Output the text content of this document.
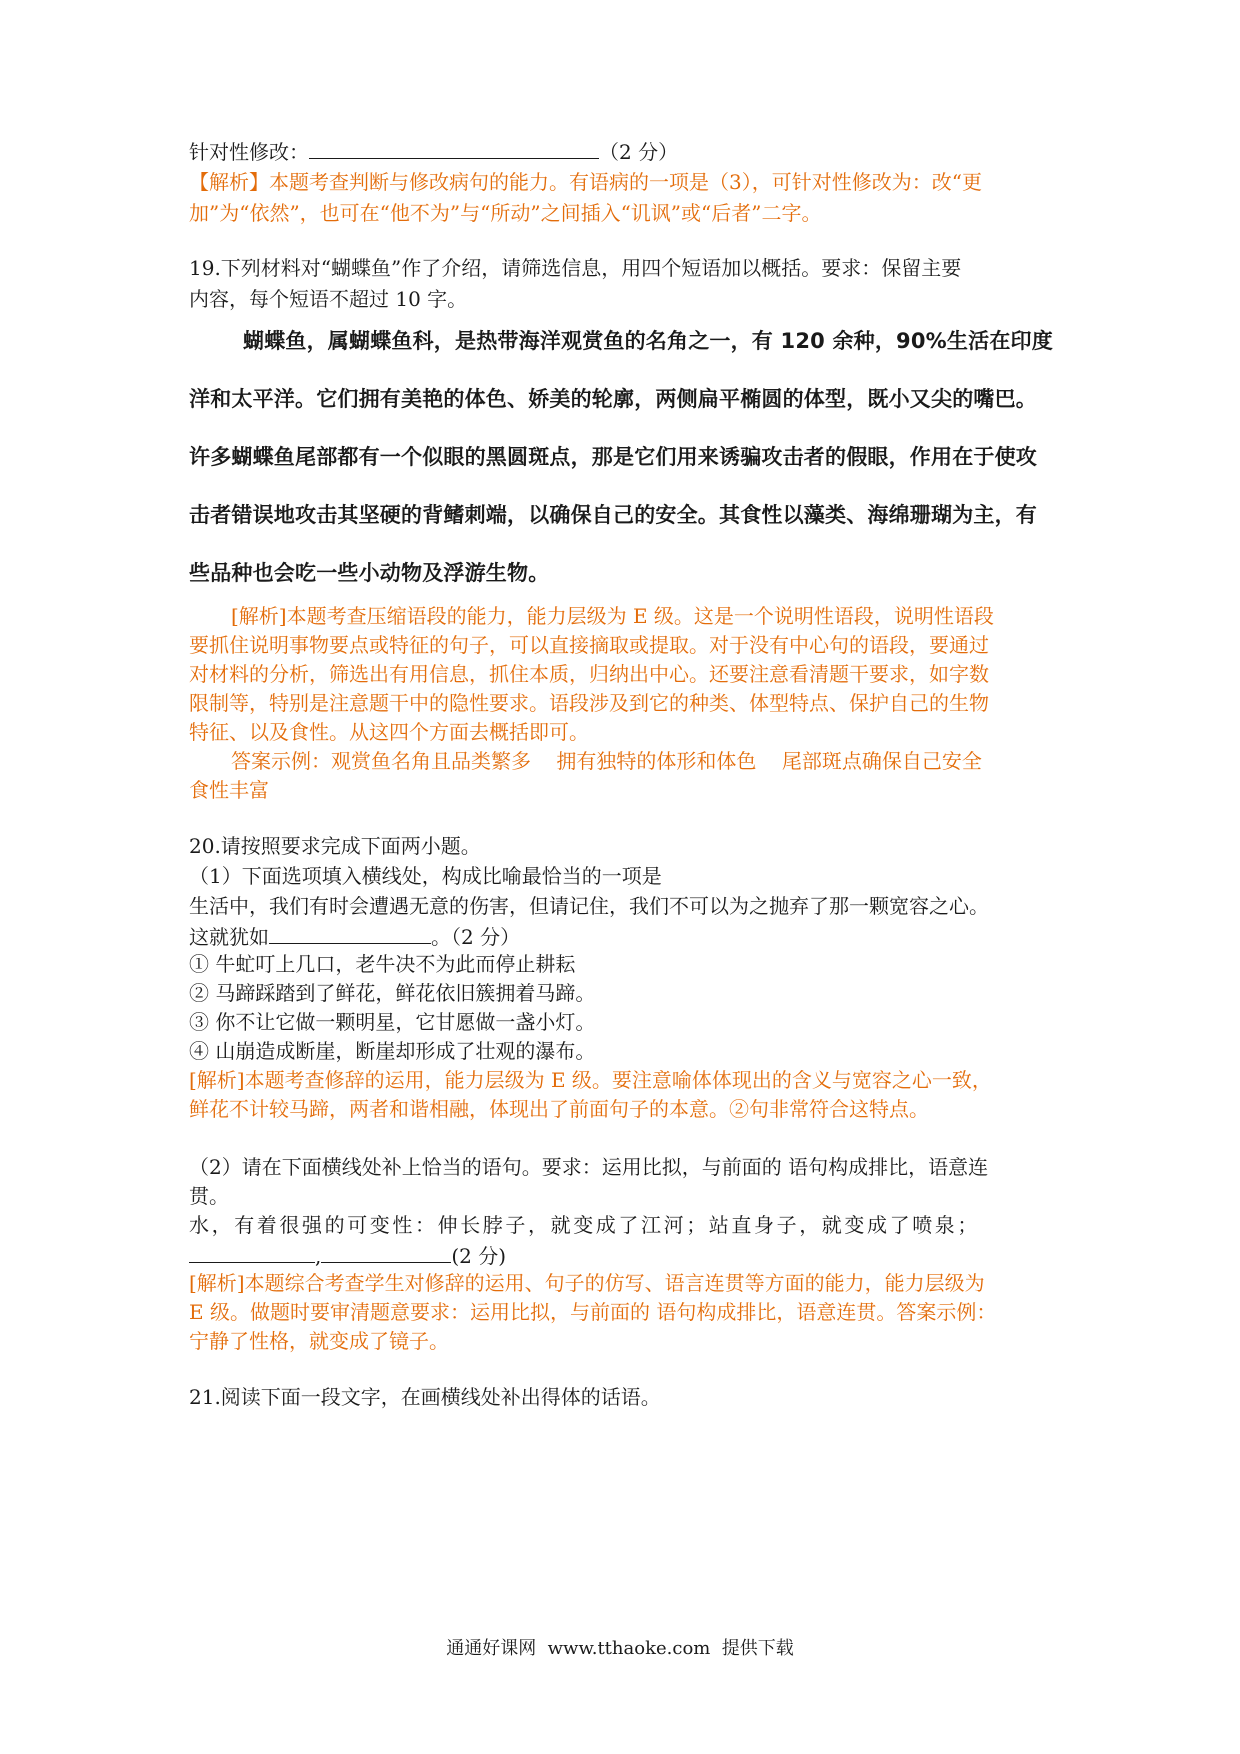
针对性修改：	（2 分）
【解析】本题考查判断与修改病句的能力。有语病的一项是（3），可针对性修改为：改“更
加”为“依然”，也可在“他不为”与“所动”之间插入“讥讽”或“后者”二字。
19.下列材料对“蝴蝶鱼”作了介绍，请筛选信息，用四个短语加以概括。要求：保留主要
内容，每个短语不超过 10 字。
蝴蝶鱼，属蝴蝶鱼科，是热带海洋观赏鱼的名角之一，有 120 余种，90%生活在印度
洋和太平洋。它们拥有美艳的体色、娇美的轮廓，两侧扁平椭圆的体型，既小又尖的嘴巴。
许多蝴蝶鱼尾部都有一个似眼的黑圆斑点，那是它们用来诱骗攻击者的假眼，作用在于使攻
击者错误地攻击其坚硬的背鳍刺端，以确保自己的安全。其食性以藻类、海绵珊瑚为主，有
些品种也会吃一些小动物及浮游生物。
[解析]本题考查压缩语段的能力，能力层级为 E 级。这是一个说明性语段，说明性语段
要抓住说明事物要点或特征的句子，可以直接摘取或提取。对于没有中心句的语段，要通过
对材料的分析，筛选出有用信息，抓住本质，归纳出中心。还要注意看清题干要求，如字数
限制等，特别是注意题干中的隐性要求。语段涉及到它的种类、体型特点、保护自己的生物
特征、以及食性。从这四个方面去概括即可。
答案示例：观赏鱼名角且品类繁多    拥有独特的体形和体色    尾部斑点确保自己安全
食性丰富
20.请按照要求完成下面两小题。
（1）下面选项填入横线处，构成比喻最恰当的一项是
生活中，我们有时会遭遇无意的伤害，但请记住，我们不可以为之抛弃了那一颗宽容之心。
这就犹如	。（2 分）
① 牛虻叮上几口，老牛决不为此而停止耕耘
② 马蹄踩踏到了鲜花，鲜花依旧簇拥着马蹄。
③ 你不让它做一颗明星，它甘愿做一盏小灯。
④ 山崩造成断崖，断崖却形成了壮观的瀑布。
[解析]本题考查修辞的运用，能力层级为 E 级。要注意喻体体现出的含义与宽容之心一致，
鲜花不计较马蹄，两者和谐相融，体现出了前面句子的本意。②句非常符合这特点。
（2）请在下面横线处补上恰当的语句。要求：运用比拟，与前面的 语句构成排比，语意连
贯。
水，有着很强的可变性：伸长脖子，就变成了江河；站直身子，就变成了喷泉；
,	(2 分)
[解析]本题综合考查学生对修辞的运用、句子的仿写、语言连贯等方面的能力，能力层级为
E 级。做题时要审清题意要求：运用比拟，与前面的 语句构成排比，语意连贯。答案示例：
宁静了性格，就变成了镜子。
21.阅读下面一段文字，在画横线处补出得体的话语。
通通好课网  www.tthaoke.com  提供下载
